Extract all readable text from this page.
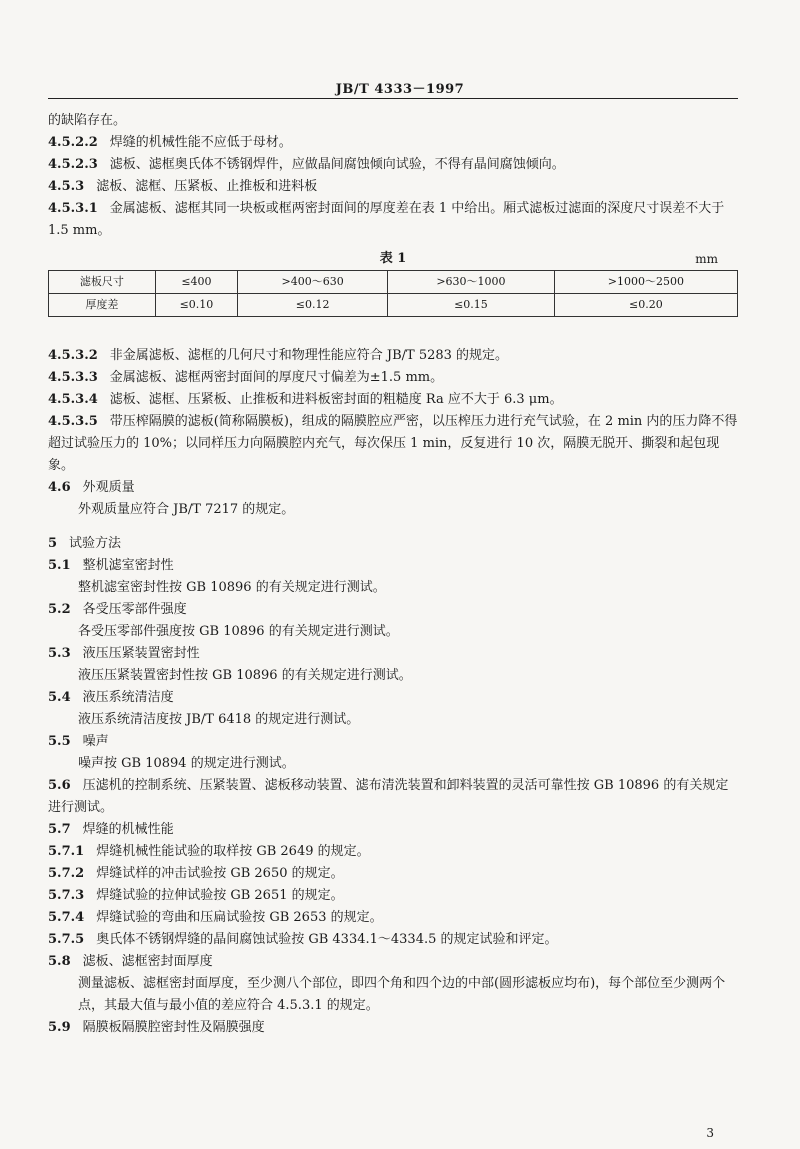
JB/T 4333－1997

的缺陷存在。

4.5.2.2 焊缝的机械性能不应低于母材。

4.5.2.3 滤板、滤框奥氏体不锈钢焊件，应做晶间腐蚀倾向试验，不得有晶间腐蚀倾向。

4.5.3 滤板、滤框、压紧板、止推板和进料板

4.5.3.1 金属滤板、滤框其同一块板或框两密封面间的厚度差在表 1 中给出。厢式滤板过滤面的深度尺寸误差不大于 1.5 mm。

表 1	mm
滤板尺寸	≤400	>400～630	>630～1000	>1000～2500
厚度差	≤0.10	≤0.12	≤0.15	≤0.20

4.5.3.2 非金属滤板、滤框的几何尺寸和物理性能应符合 JB/T 5283 的规定。

4.5.3.3 金属滤板、滤框两密封面间的厚度尺寸偏差为±1.5 mm。

4.5.3.4 滤板、滤框、压紧板、止推板和进料板密封面的粗糙度 Ra 应不大于 6.3 μm。

4.5.3.5 带压榨隔膜的滤板(简称隔膜板)，组成的隔膜腔应严密，以压榨压力进行充气试验，在 2 min 内的压力降不得超过试验压力的 10%；以同样压力向隔膜腔内充气，每次保压 1 min，反复进行 10 次，隔膜无脱开、撕裂和起包现象。

4.6 外观质量

外观质量应符合 JB/T 7217 的规定。

5 试验方法

5.1 整机滤室密封性

整机滤室密封性按 GB 10896 的有关规定进行测试。

5.2 各受压零部件强度

各受压零部件强度按 GB 10896 的有关规定进行测试。

5.3 液压压紧装置密封性

液压压紧装置密封性按 GB 10896 的有关规定进行测试。

5.4 液压系统清洁度

液压系统清洁度按 JB/T 6418 的规定进行测试。

5.5 噪声

噪声按 GB 10894 的规定进行测试。

5.6 压滤机的控制系统、压紧装置、滤板移动装置、滤布清洗装置和卸料装置的灵活可靠性按 GB 10896 的有关规定进行测试。

5.7 焊缝的机械性能

5.7.1 焊缝机械性能试验的取样按 GB 2649 的规定。

5.7.2 焊缝试样的冲击试验按 GB 2650 的规定。

5.7.3 焊缝试验的拉伸试验按 GB 2651 的规定。

5.7.4 焊缝试验的弯曲和压扁试验按 GB 2653 的规定。

5.7.5 奥氏体不锈钢焊缝的晶间腐蚀试验按 GB 4334.1～4334.5 的规定试验和评定。

5.8 滤板、滤框密封面厚度

测量滤板、滤框密封面厚度，至少测八个部位，即四个角和四个边的中部(圆形滤板应均布)，每个部位至少测两个点，其最大值与最小值的差应符合 4.5.3.1 的规定。

5.9 隔膜板隔膜腔密封性及隔膜强度

3
